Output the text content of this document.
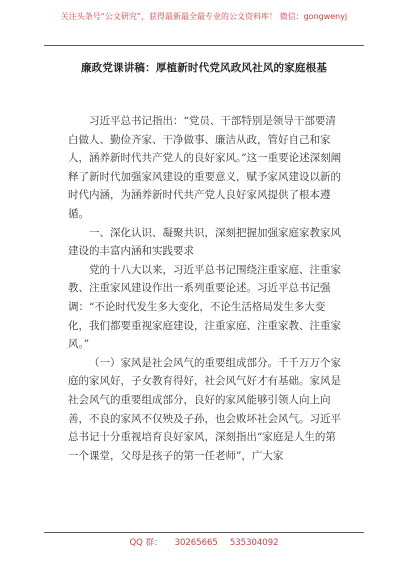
关注头条号“公文研究”，获得最新最全最专业的公文资料库！ 微信：gongwenyj
廉政党课讲稿：厚植新时代党风政风社风的家庭根基

习近平总书记指出：“党员、干部特别是领导干部要清白做人、勤俭齐家、干净做事、廉洁从政，管好自己和家人，涵养新时代共产党人的良好家风。”这一重要论述深刻阐释了新时代加强家风建设的重要意义，赋予家风建设以新的时代内涵，为涵养新时代共产党人良好家风提供了根本遵循。

一、深化认识、凝聚共识，深刻把握加强家庭家教家风建设的丰富内涵和实践要求

党的十八大以来，习近平总书记围绕注重家庭、注重家教、注重家风建设作出一系列重要论述。习近平总书记强调：“不论时代发生多大变化，不论生活格局发生多大变化，我们都要重视家庭建设，注重家庭、注重家教、注重家风。”

（一）家风是社会风气的重要组成部分。千千万万个家庭的家风好，子女教育得好，社会风气好才有基础。家风是社会风气的重要组成部分，良好的家风能够引领人向上向善，不良的家风不仅殃及子孙，也会败坏社会风气。习近平总书记十分重视培育良好家风，深刻指出“家庭是人生的第一个课堂，父母是孩子的第一任老师”，广大家

QQ 群： 30265665 535304092
